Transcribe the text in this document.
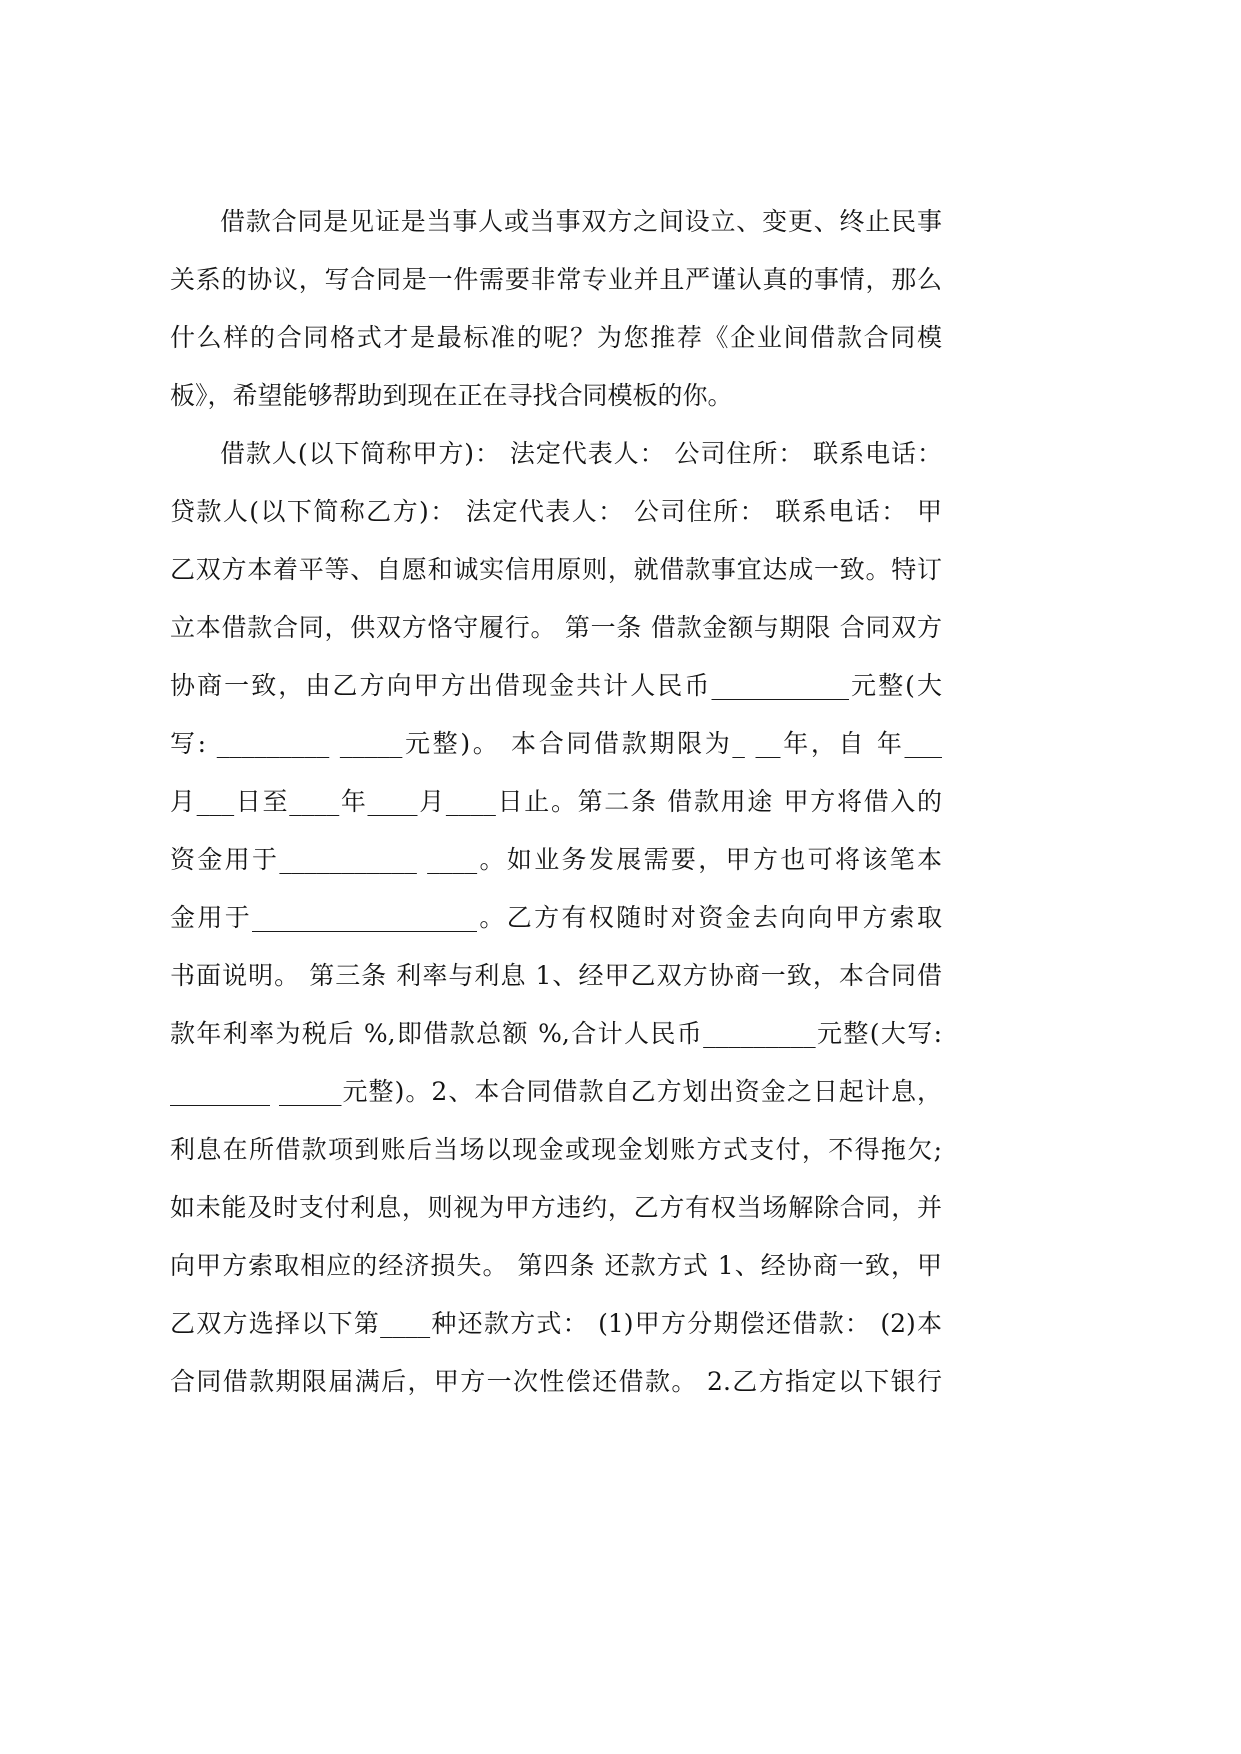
借款合同是见证是当事人或当事双方之间设立、变更、终止民事
关系的协议，写合同是一件需要非常专业并且严谨认真的事情，那么
什么样的合同格式才是最标准的呢？为您推荐《企业间借款合同模
板》，希望能够帮助到现在正在寻找合同模板的你。
借款人(以下简称甲方)： 法定代表人： 公司住所： 联系电话：
贷款人(以下简称乙方)： 法定代表人： 公司住所： 联系电话： 甲
乙双方本着平等、自愿和诚实信用原则，就借款事宜达成一致。特订
立本借款合同，供双方恪守履行。 第一条 借款金额与期限 合同双方
协商一致，由乙方向甲方出借现金共计人民币___________元整(大
写: _________ _____元整)。 本合同借款期限为_ __年，自 年___
月___日至____年____月____日止。第二条 借款用途 甲方将借入的
资金用于___________ ____。如业务发展需要，甲方也可将该笔本
金用于__________________。乙方有权随时对资金去向向甲方索取
书面说明。 第三条 利率与利息 1、经甲乙双方协商一致，本合同借
款年利率为税后 %,即借款总额 %,合计人民币_________元整(大写:
________ _____元整)。2、本合同借款自乙方划出资金之日起计息，
利息在所借款项到账后当场以现金或现金划账方式支付，不得拖欠;
如未能及时支付利息，则视为甲方违约，乙方有权当场解除合同，并
向甲方索取相应的经济损失。 第四条 还款方式 1、经协商一致，甲
乙双方选择以下第____种还款方式： (1)甲方分期偿还借款： (2)本
合同借款期限届满后，甲方一次性偿还借款。 2.乙方指定以下银行
